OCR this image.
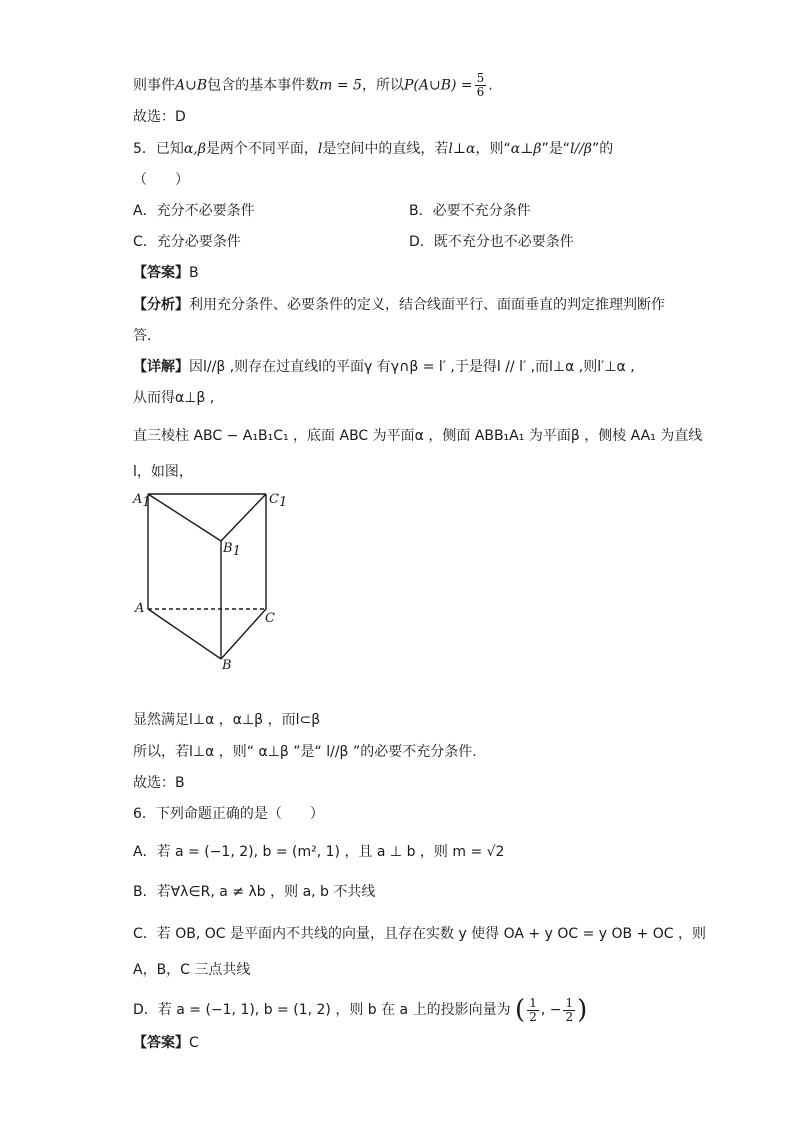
则事件A∪B包含的基本事件数m = 5，所以P(A∪B) = $\frac{5}{6}$ .
故选：D
5．已知α,β是两个不同平面，l是空间中的直线，若l⊥α，则“α⊥β”是“l//β”的
（　　）
A．充分不必要条件	B．必要不充分条件
C．充分必要条件	D．既不充分也不必要条件
【答案】B
【分析】利用充分条件、必要条件的定义，结合线面平行、面面垂直的判定推理判断作
答.
【详解】因l//β ,则存在过直线l的平面γ 有γ∩β = l′ ,于是得l // l′ ,而l⊥α ,则l′⊥α ,
从而得α⊥β ,
直三棱柱 ABC − A₁B₁C₁ ，底面 ABC 为平面α ，侧面 ABB₁A₁ 为平面β ，侧棱 AA₁ 为直线
l，如图，
A1	C1
B1
A
C
B
显然满足l⊥α ，α⊥β ，而l⊂β
所以，若l⊥α ，则“ α⊥β ”是“ l//β ”的必要不充分条件.
故选：B
6．下列命题正确的是（　　）
A．若 a = (−1, 2), b = (m², 1) ，且 a ⊥ b ，则 m = √2
B．若∀λ∈R, a ≠ λb ，则 a, b 不共线
C．若 OB, OC 是平面内不共线的向量，且存在实数 y 使得 OA + y OC = y OB + OC ，则
A，B，C 三点共线
D．若 a = (−1, 1), b = (1, 2) ，则 b 在 a 上的投影向量为 ( $\frac{1}{2}$ , − $\frac{1}{2}$ )
【答案】C
